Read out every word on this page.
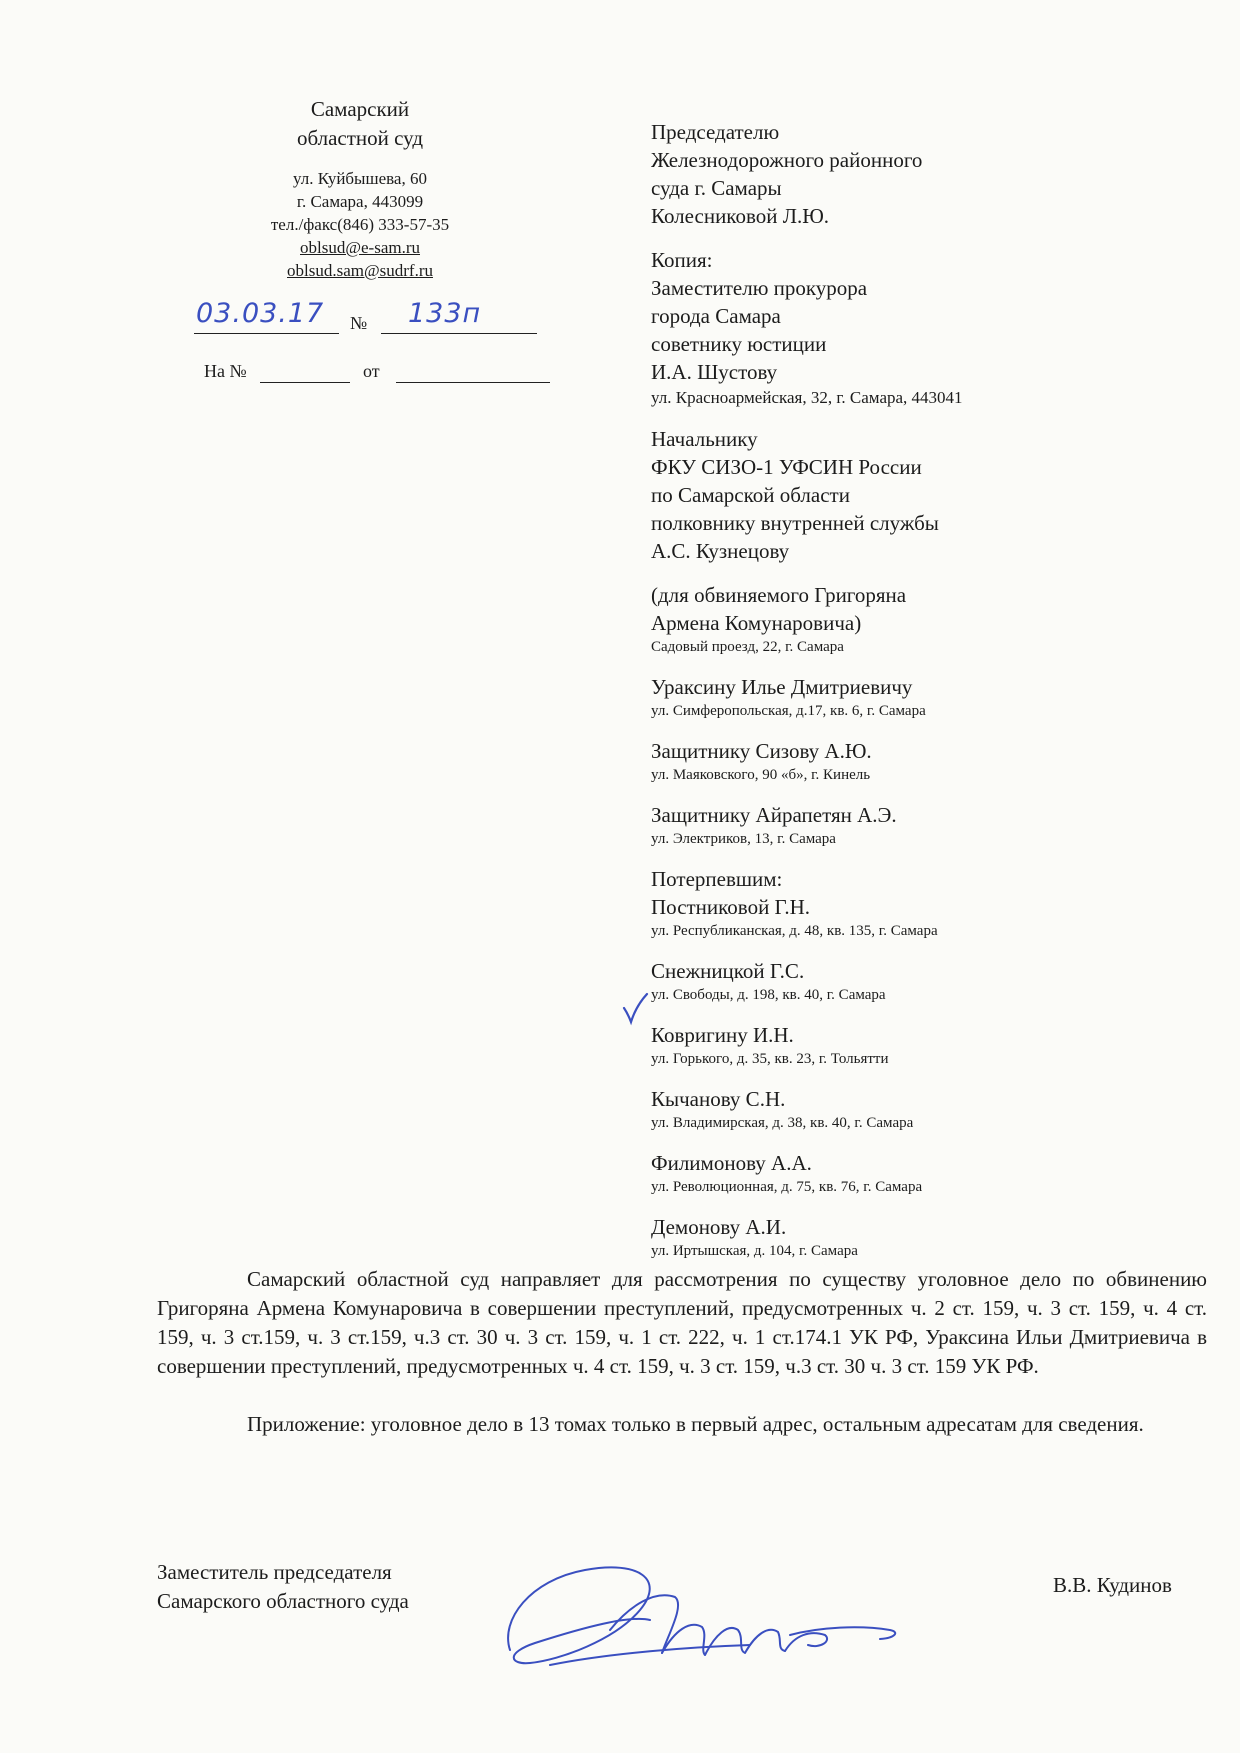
Самарский
областной суд
ул. Куйбышева, 60
г. Самара, 443099
тел./факс(846) 333-57-35
oblsud@e-sam.ru
oblsud.sam@sudrf.ru
03.03.17 № 133п
На №	от
Председателю
Железнодорожного районного
суда г. Самары
Колесниковой Л.Ю.
Копия:
Заместителю прокурора
города Самара
советнику юстиции
И.А. Шустову
ул. Красноармейская, 32, г. Самара, 443041
Начальнику
ФКУ СИЗО-1 УФСИН России
по Самарской области
полковнику внутренней службы
А.С. Кузнецову
(для обвиняемого Григоряна
Армена Комунаровича)
Садовый проезд, 22, г. Самара
Ураксину Илье Дмитриевичу
ул. Симферопольская, д.17, кв. 6, г. Самара
Защитнику Сизову А.Ю.
ул. Маяковского, 90 «б», г. Кинель
Защитнику Айрапетян А.Э.
ул. Электриков, 13, г. Самара
Потерпевшим:
Постниковой Г.Н.
ул. Республиканская, д. 48, кв. 135, г. Самара
Снежницкой Г.С.
ул. Свободы, д. 198, кв. 40, г. Самара
Ковригину И.Н.
ул. Горького, д. 35, кв. 23, г. Тольятти
Кычанову С.Н.
ул. Владимирская, д. 38, кв. 40, г. Самара
Филимонову А.А.
ул. Революционная, д. 75, кв. 76, г. Самара
Демонову А.И.
ул. Иртышская, д. 104, г. Самара

Самарский областной суд направляет для рассмотрения по существу уголовное дело по обвинению Григоряна Армена Комунаровича в совершении преступлений, предусмотренных ч. 2 ст. 159, ч. 3 ст. 159, ч. 4 ст. 159, ч. 3 ст.159, ч. 3 ст.159, ч.3 ст. 30 ч. 3 ст. 159, ч. 1 ст. 222, ч. 1 ст.174.1 УК РФ, Ураксина Ильи Дмитриевича в совершении преступлений, предусмотренных ч. 4 ст. 159, ч. 3 ст. 159, ч.3 ст. 30 ч. 3 ст. 159 УК РФ.

Приложение: уголовное дело в 13 томах только в первый адрес, остальным адресатам для сведения.

Заместитель председателя
Самарского областного суда
В.В. Кудинов
